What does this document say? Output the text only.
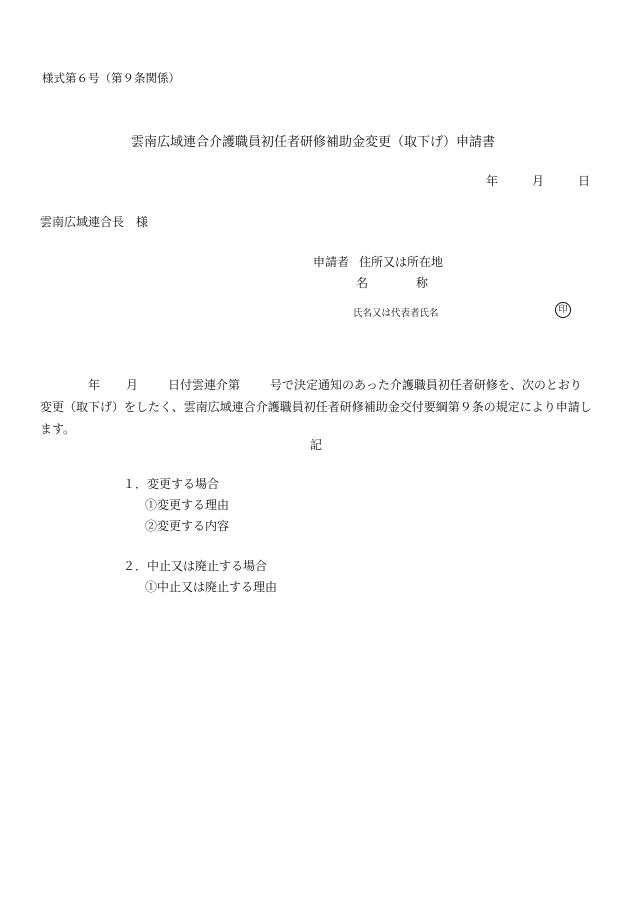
様式第６号（第９条関係）
雲南広域連合介護職員初任者研修補助金変更（取下げ）申請書
年	月	日
雲南広域連合長　様
申請者 住所又は所在地
名称
氏名又は代表者氏名	印
年 月	日付雲連介第	号で決定通知のあった介護職員初任者研修を、次のとおり変更（取下げ）をしたく、雲南広域連合介護職員初任者研修補助金交付要綱第９条の規定により申請します。
記
１．変更する場合
①変更する理由
②変更する内容
２．中止又は廃止する場合
①中止又は廃止する理由
